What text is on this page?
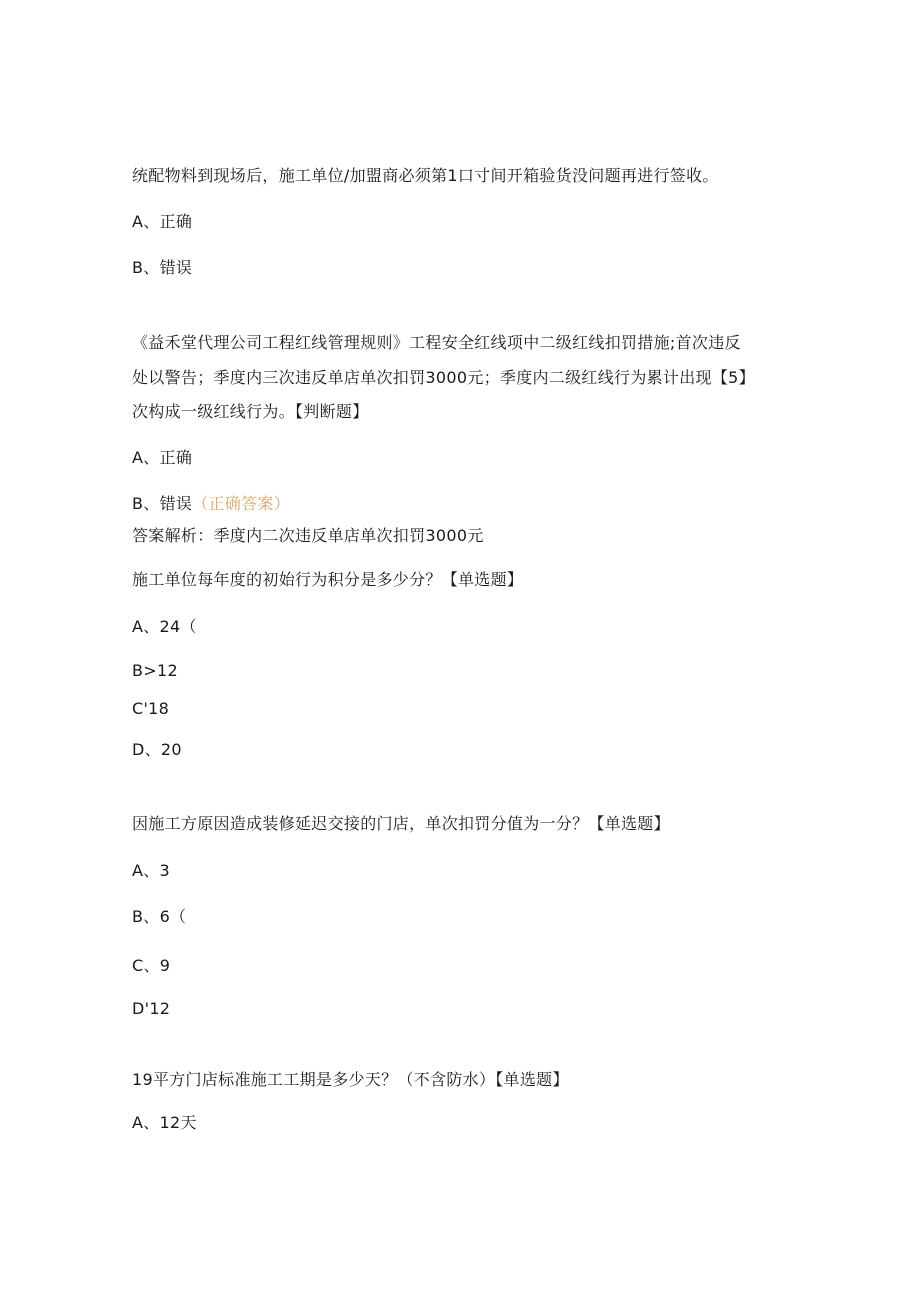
统配物料到现场后，施工单位/加盟商必须第1口寸间开箱验货没问题再进行签收。
A、正确
B、错误
《益禾堂代理公司工程红线管理规则》工程安全红线项中二级红线扣罚措施;首次违反
处以警告；季度内三次违反单店单次扣罚3000元；季度内二级红线行为累计出现【5】
次构成一级红线行为。【判断题】
A、正确
B、错误（正确答案）
答案解析：季度内二次违反单店单次扣罚3000元
施工单位每年度的初始行为积分是多少分？【单选题】
A、24（
B>12
C'18
D、20
因施工方原因造成装修延迟交接的门店，单次扣罚分值为一分？【单选题】
A、3
B、6（
C、9
D'12
19平方门店标准施工工期是多少天？（不含防水）【单选题】
A、12天
